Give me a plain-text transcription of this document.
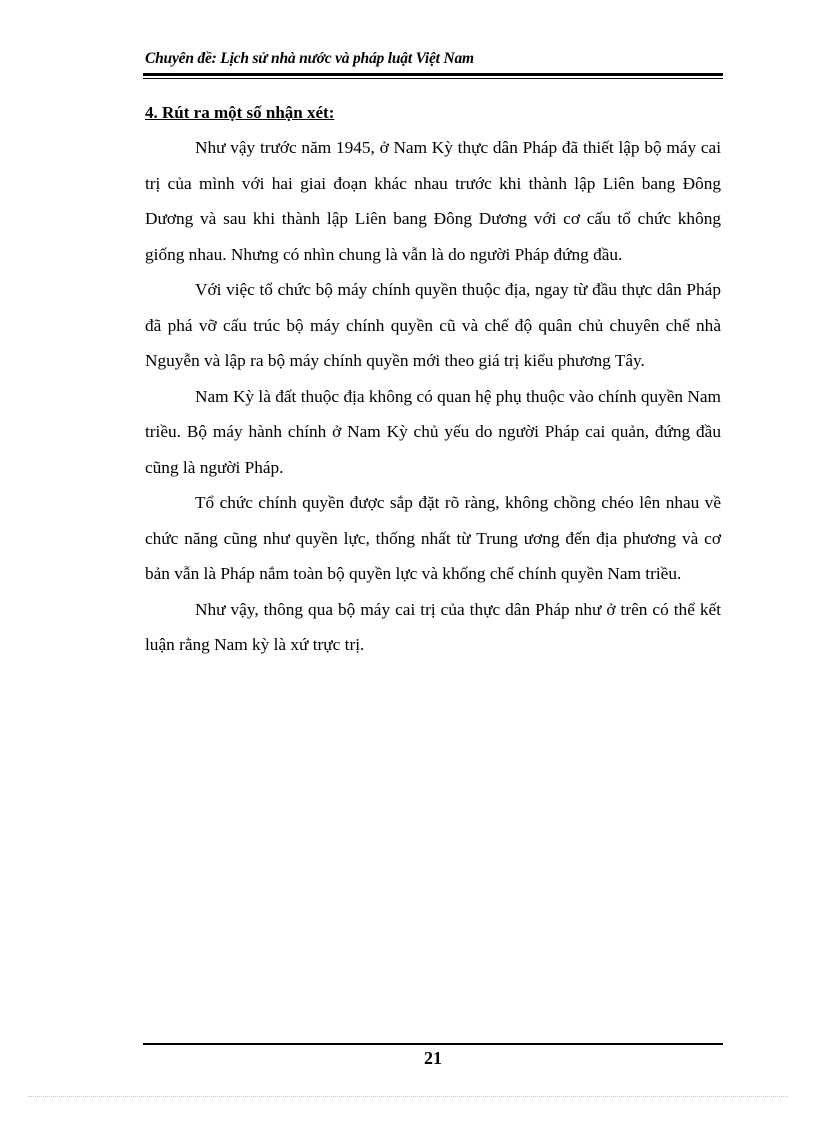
Chuyên đề: Lịch sử nhà nước và pháp luật Việt Nam
4. Rút ra một số nhận xét:

Như vậy trước năm 1945, ở Nam Kỳ thực dân Pháp đã thiết lập bộ máy cai trị của mình với hai giai đoạn khác nhau trước khi thành lập Liên bang Đông Dương và sau khi thành lập Liên bang Đông Dương với cơ cấu tổ chức không giống nhau. Nhưng có nhìn chung là vẫn là do người Pháp đứng đầu.

Với việc tổ chức bộ máy chính quyền thuộc địa, ngay từ đầu thực dân Pháp đã phá vỡ cấu trúc bộ máy chính quyền cũ và chế độ quân chủ chuyên chế nhà Nguyễn và lập ra bộ máy chính quyền mới theo giá trị kiểu phương Tây.

Nam Kỳ là đất thuộc địa không có quan hệ phụ thuộc vào chính quyền Nam triều. Bộ máy hành chính ở Nam Kỳ chủ yếu do người Pháp cai quản, đứng đầu cũng là người Pháp.

Tổ chức chính quyền được sắp đặt rõ ràng, không chồng chéo lên nhau về chức năng cũng như quyền lực, thống nhất từ Trung ương đến địa phương và cơ bản vẫn là Pháp nắm toàn bộ quyền lực và khống chế chính quyền Nam triều.

Như vậy, thông qua bộ máy cai trị của thực dân Pháp như ở trên có thể kết luận rằng Nam kỳ là xứ trực trị.

21
